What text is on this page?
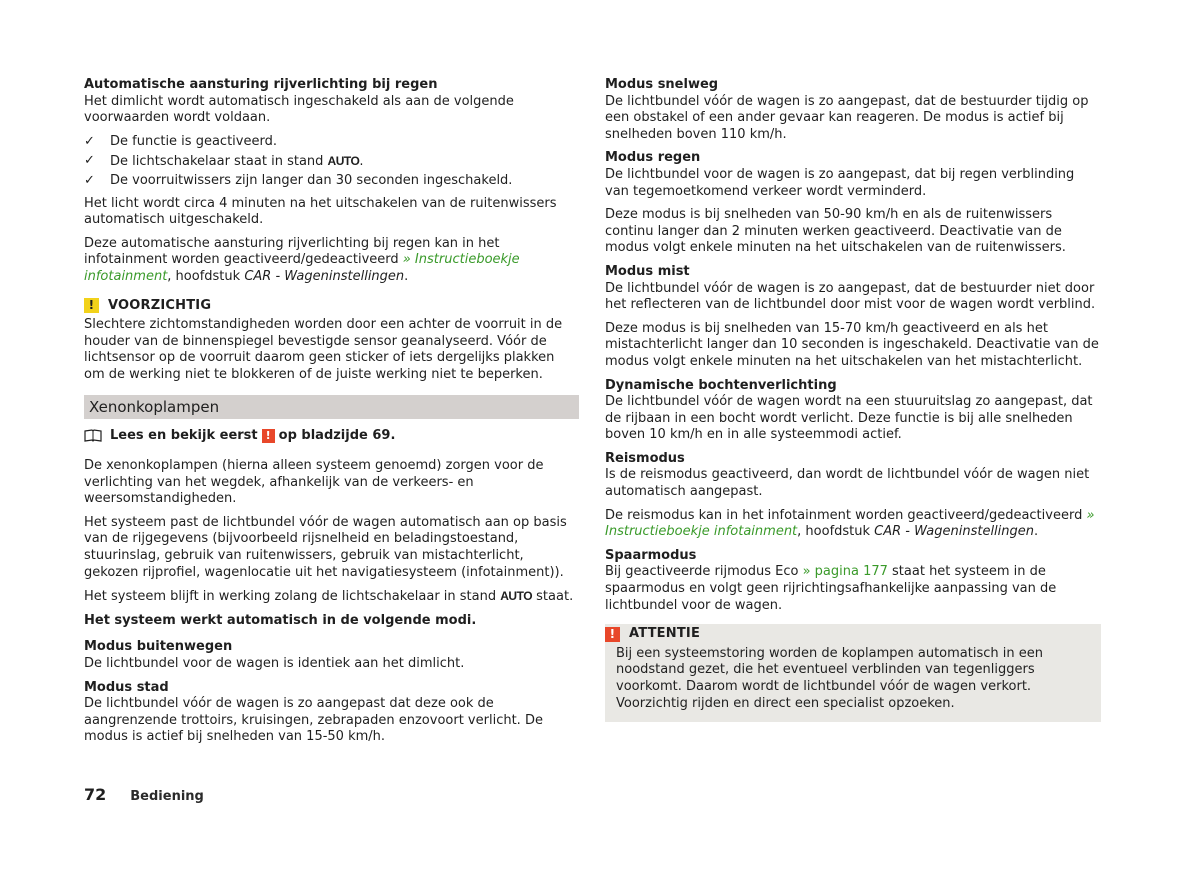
Automatische aansturing rijverlichting bij regen

Het dimlicht wordt automatisch ingeschakeld als aan de volgende voorwaarden wordt voldaan.

✓ De functie is geactiveerd.
✓ De lichtschakelaar staat in stand AUTO.
✓ De voorruitwissers zijn langer dan 30 seconden ingeschakeld.

Het licht wordt circa 4 minuten na het uitschakelen van de ruitenwissers automatisch uitgeschakeld.

Deze automatische aansturing rijverlichting bij regen kan in het infotainment worden geactiveerd/gedeactiveerd » Instructieboekje infotainment, hoofdstuk CAR - Wageninstellingen.

!	VOORZICHTIG

Slechtere zichtomstandigheden worden door een achter de voorruit in de houder van de binnenspiegel bevestigde sensor geanalyseerd. Vóór de lichtsensor op de voorruit daarom geen sticker of iets dergelijks plakken om de werking niet te blokkeren of de juiste werking niet te beperken.

Xenonkoplampen
Lees en bekijk eerst ! op bladzijde 69.

De xenonkoplampen (hierna alleen systeem genoemd) zorgen voor de verlichting van het wegdek, afhankelijk van de verkeers- en weersomstandigheden.

Het systeem past de lichtbundel vóór de wagen automatisch aan op basis van de rijgegevens (bijvoorbeeld rijsnelheid en beladingstoestand, stuurinslag, gebruik van ruitenwissers, gebruik van mistachterlicht, gekozen rijprofiel, wagenlocatie uit het navigatiesysteem (infotainment)).

Het systeem blijft in werking zolang de lichtschakelaar in stand AUTO staat.

Het systeem werkt automatisch in de volgende modi.

Modus buitenwegen

De lichtbundel voor de wagen is identiek aan het dimlicht.

Modus stad

De lichtbundel vóór de wagen is zo aangepast dat deze ook de aangrenzende trottoirs, kruisingen, zebrapaden enzovoort verlicht. De modus is actief bij snelheden van 15-50 km/h.

Modus snelweg

De lichtbundel vóór de wagen is zo aangepast, dat de bestuurder tijdig op een obstakel of een ander gevaar kan reageren. De modus is actief bij snelheden boven 110 km/h.

Modus regen

De lichtbundel voor de wagen is zo aangepast, dat bij regen verblinding van tegemoetkomend verkeer wordt verminderd.

Deze modus is bij snelheden van 50-90 km/h en als de ruitenwissers continu langer dan 2 minuten werken geactiveerd. Deactivatie van de modus volgt enkele minuten na het uitschakelen van de ruitenwissers.

Modus mist

De lichtbundel vóór de wagen is zo aangepast, dat de bestuurder niet door het reflecteren van de lichtbundel door mist voor de wagen wordt verblind.

Deze modus is bij snelheden van 15-70 km/h geactiveerd en als het mistachterlicht langer dan 10 seconden is ingeschakeld. Deactivatie van de modus volgt enkele minuten na het uitschakelen van het mistachterlicht.

Dynamische bochtenverlichting

De lichtbundel vóór de wagen wordt na een stuuruitslag zo aangepast, dat de rijbaan in een bocht wordt verlicht. Deze functie is bij alle snelheden boven 10 km/h en in alle systeemmodi actief.

Reismodus

Is de reismodus geactiveerd, dan wordt de lichtbundel vóór de wagen niet automatisch aangepast.

De reismodus kan in het infotainment worden geactiveerd/gedeactiveerd » Instructieboekje infotainment, hoofdstuk CAR - Wageninstellingen.

Spaarmodus

Bij geactiveerde rijmodus Eco » pagina 177 staat het systeem in de spaarmodus en volgt geen rijrichtingsafhankelijke aanpassing van de lichtbundel voor de wagen.

!	ATTENTIE
Bij een systeemstoring worden de koplampen automatisch in een noodstand gezet, die het eventueel verblinden van tegenliggers voorkomt. Daarom wordt de lichtbundel vóór de wagen verkort. Voorzichtig rijden en direct een specialist opzoeken.
72 Bediening
